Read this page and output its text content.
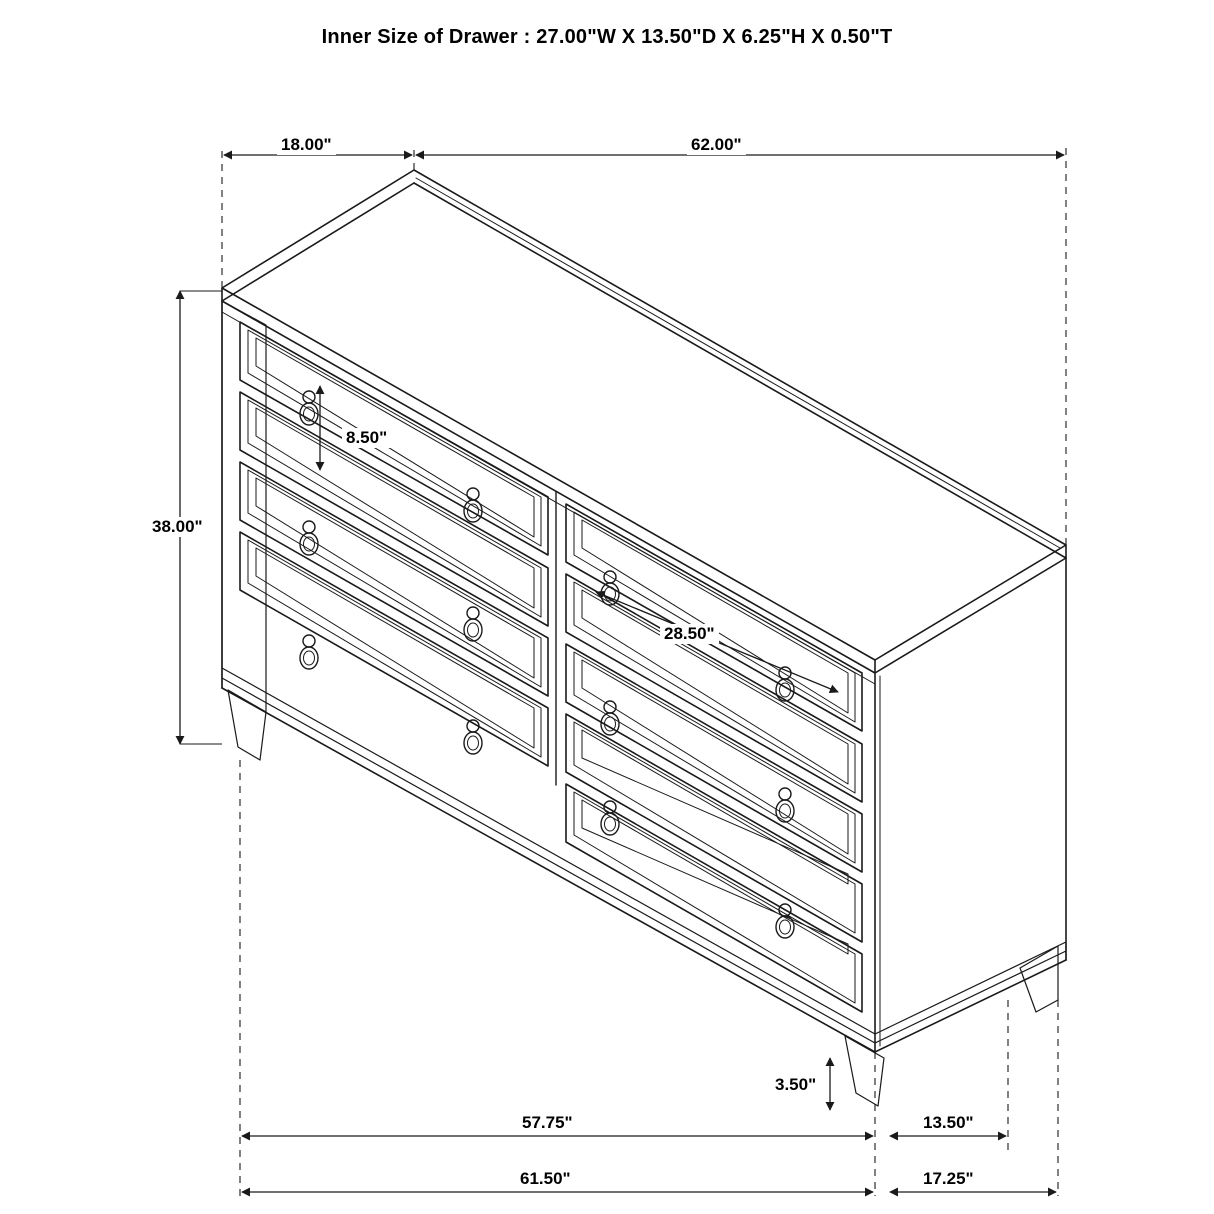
Inner Size of Drawer : 27.00"W X 13.50"D X 6.25"H X 0.50"T
18.00"	62.00"
38.00"
8.50"
28.50"
3.50"
57.75"
61.50"
13.50"
17.25"
